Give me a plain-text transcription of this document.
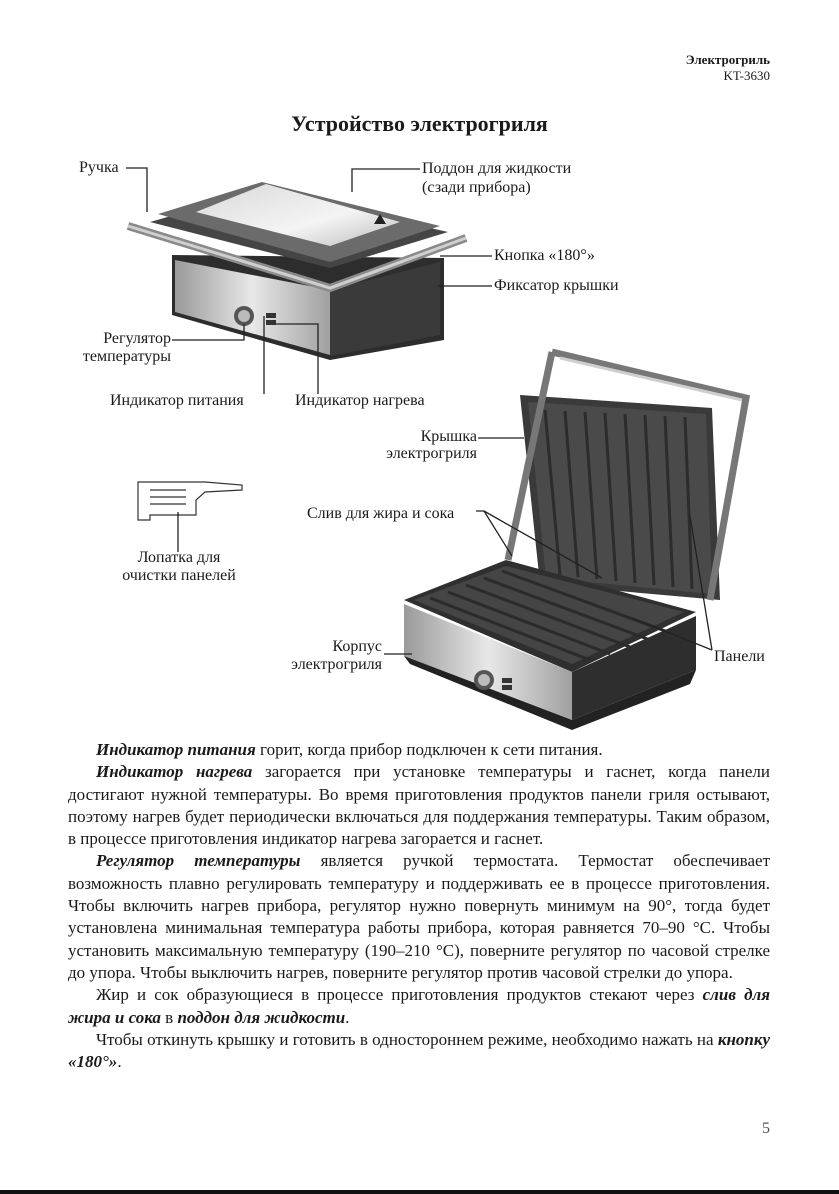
Электрогриль
KT-3630
Устройство электрогриля
Ручка	Поддон для жидкости
(сзади прибора)
Кнопка «180°»
Фиксатор крышки
Регулятор
температуры
Индикатор питания	Индикатор нагрева
Крышка
электрогриля
Слив для жира и сока
Лопатка для
очистки панелей
Корпус
электрогриля	Панели

Индикатор питания горит, когда прибор подключен к сети питания.

Индикатор нагрева загорается при установке температуры и гаснет, когда панели достигают нужной температуры. Во время приготовления продуктов панели гриля остывают, поэтому нагрев будет периодически включаться для поддержания температуры. Таким образом, в процессе приготовления индикатор нагрева загорается и гаснет.

Регулятор температуры является ручкой термостата. Термостат обеспечивает возможность плавно регулировать температуру и поддерживать ее в процессе приготовления. Чтобы включить нагрев прибора, регулятор нужно повернуть минимум на 90°, тогда будет установлена минимальная температура работы прибора, которая равняется 70–90 °С. Чтобы установить максимальную температуру (190–210 °С), поверните регулятор по часовой стрелке до упора. Чтобы выключить нагрев, поверните регулятор против часовой стрелки до упора.

Жир и сок образующиеся в процессе приготовления продуктов стекают через слив для жира и сока в поддон для жидкости.

Чтобы откинуть крышку и готовить в одностороннем режиме, необходимо нажать на кнопку «180°».

5
